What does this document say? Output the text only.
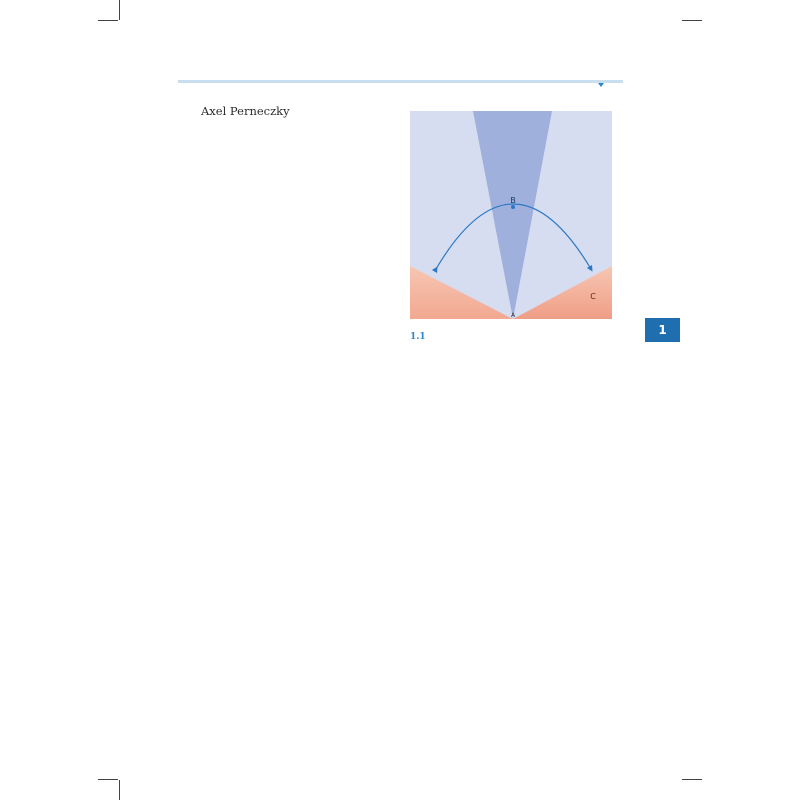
Axel Perneczky

B
C
A
1.1	1
